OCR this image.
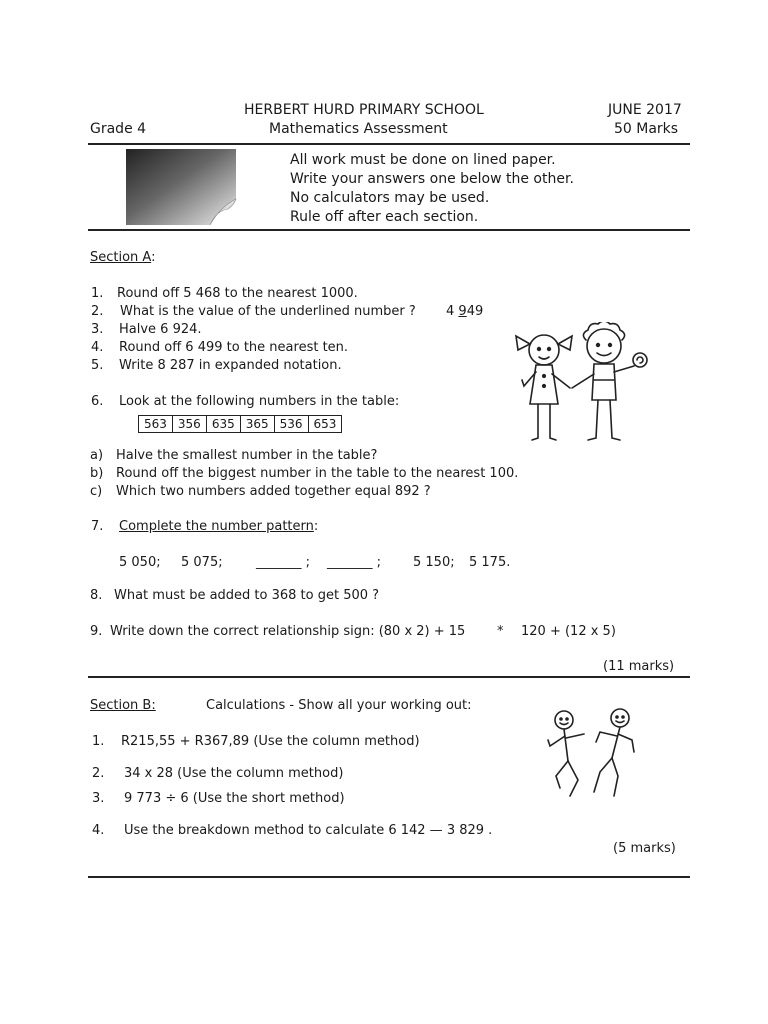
HERBERT HURD PRIMARY SCHOOL	JUNE 2017
Grade 4	Mathematics Assessment	50 Marks
All work must be done on lined paper.
Write your answers one below the other.
No calculators may be used.
Rule off after each section.
Section A:
1. Round off 5 468 to the nearest 1000.
2. What is the value of the underlined number ? 4 949
3. Halve 6 924.
4. Round off 6 499 to the nearest ten.
5. Write 8 287 in expanded notation.
6. Look at the following numbers in the table:
563	356	635	365	536	653
a) Halve the smallest number in the table?
b) Round off the biggest number in the table to the nearest 100.
c) Which two numbers added together equal 892 ?
7. Complete the number pattern:
5 050; 5 075;	_______ ; _______ ; 5 150; 5 175.
8. What must be added to 368 to get 500 ?
9. Write down the correct relationship sign: (80 x 2) + 15 * 120 + (12 x 5)
(11 marks)
Section B:	Calculations - Show all your working out:
1. R215,55 + R367,89 (Use the column method)
2. 34 x 28 (Use the column method)
3. 9 773 ÷ 6 (Use the short method)
4. Use the breakdown method to calculate 6 142 — 3 829 .
(5 marks)
